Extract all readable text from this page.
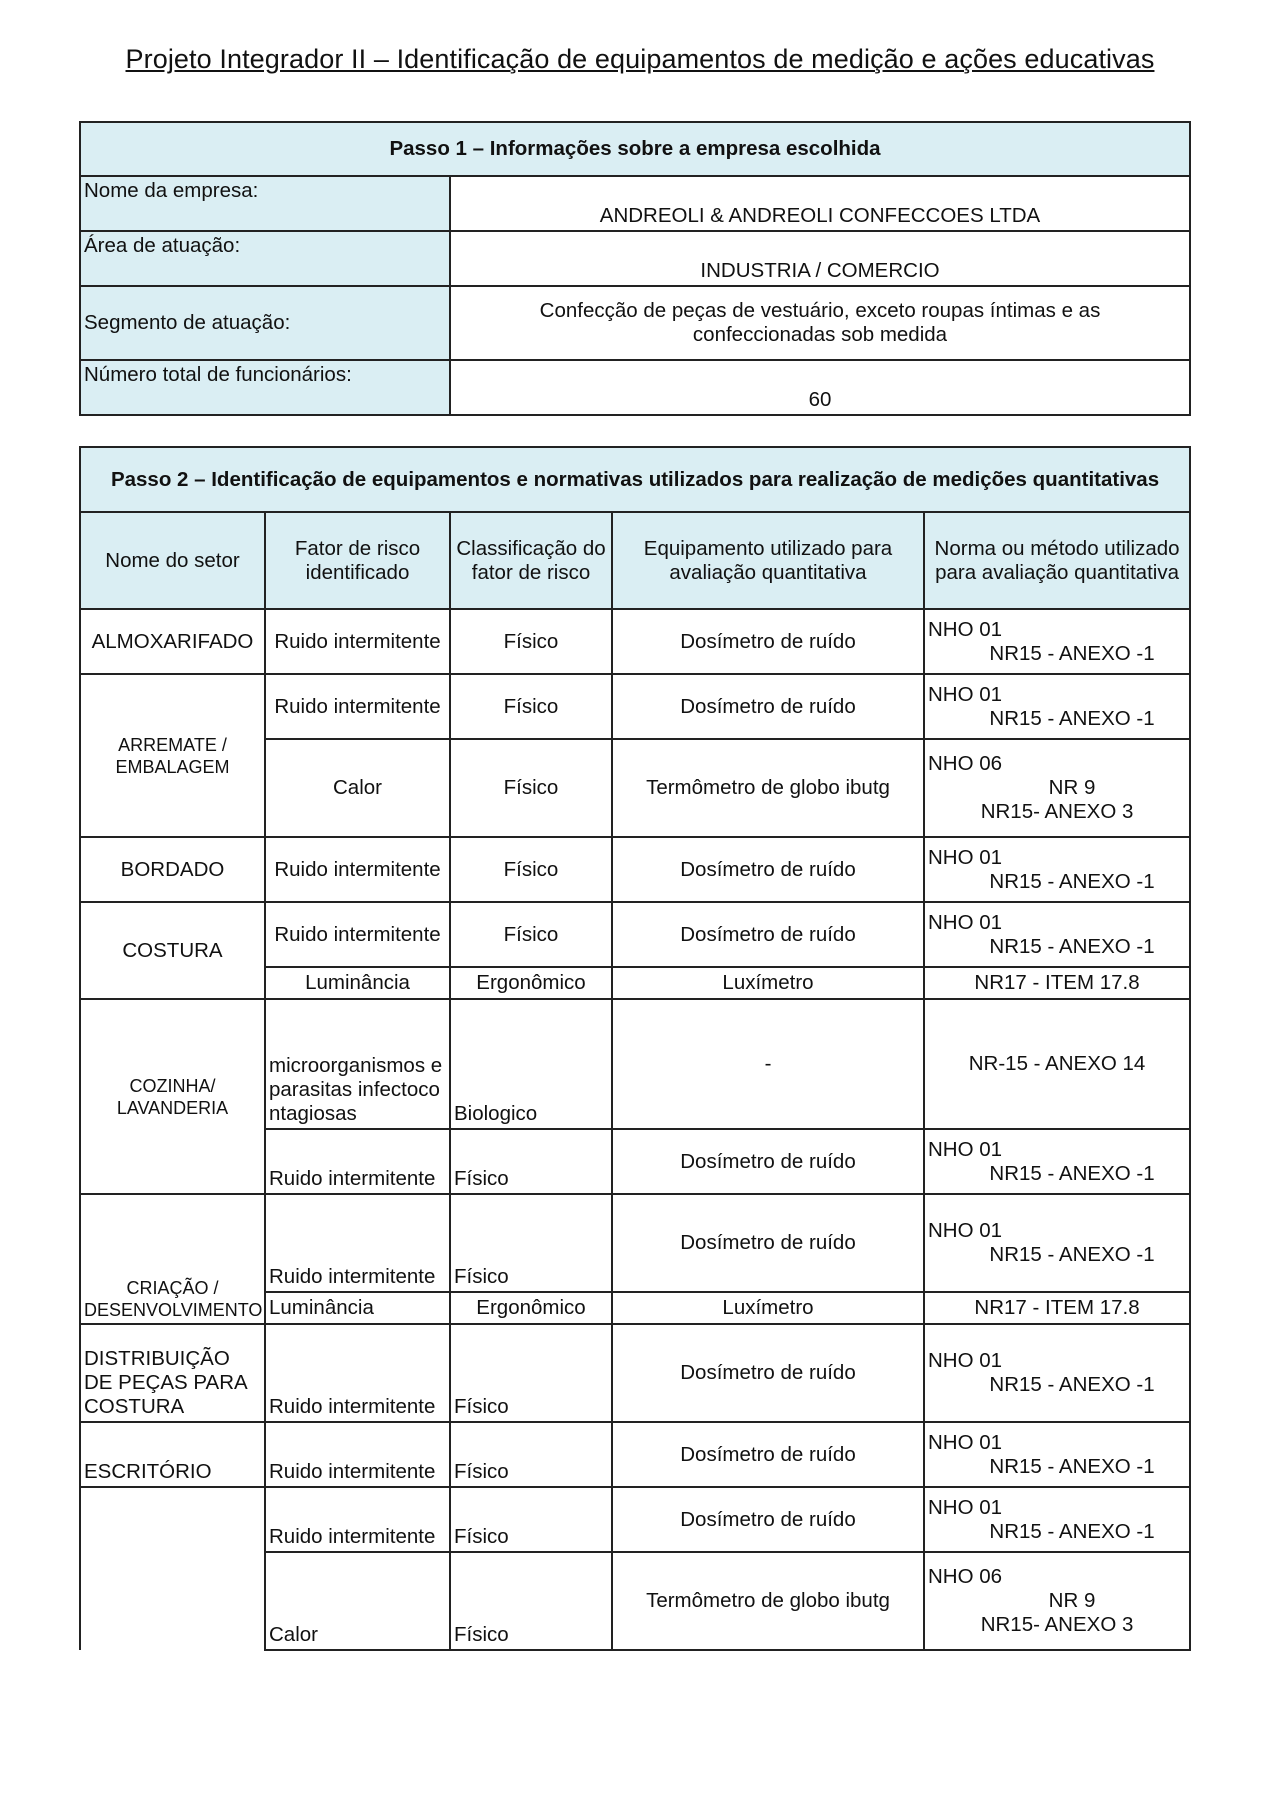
Projeto Integrador II – Identificação de equipamentos de medição e ações educativas
Passo 1 – Informações sobre a empresa escolhida	
Nome da empresa:	ANDREOLI & ANDREOLI CONFECCOES LTDA
Área de atuação:	INDUSTRIA / COMERCIO
Segmento de atuação:	Confecção de peças de vestuário, exceto roupas íntimas e as confeccionadas sob medida
Número total de funcionários:	60
Passo 2 – Identificação de equipamentos e normativas utilizados para realização de medições quantitativas				
Nome do setor	Fator de risco identificado	Classificação do fator de risco	Equipamento utilizado para avaliação quantitativa	Norma ou método utilizado para avaliação quantitativa
ALMOXARIFADO	Ruido intermitente	Físico	Dosímetro de ruído	NHO 01
NR15 - ANEXO -1

ARREMATE / EMBALAGEM	Ruido intermitente	Físico	Dosímetro de ruído	NHO 01
NR15 - ANEXO -1

	Calor	Físico	Termômetro de globo ibutg	NHO 06
NR 9
NR15- ANEXO 3

BORDADO	Ruido intermitente	Físico	Dosímetro de ruído	NHO 01
NR15 - ANEXO -1

COSTURA	Ruido intermitente	Físico	Dosímetro de ruído	NHO 01
NR15 - ANEXO -1

	Luminância	Ergonômico	Luxímetro	NR17 - ITEM 17.8
COZINHA/ LAVANDERIA	microorganismos e parasitas infectocontagiosas	Biologico	-	NR-15 - ANEXO 14
	Ruido intermitente	Físico	Dosímetro de ruído	NHO 01
NR15 - ANEXO -1

CRIAÇÃO / DESENVOLVIMENTO	Ruido intermitente	Físico	Dosímetro de ruído	NHO 01
NR15 - ANEXO -1

	Luminância	Ergonômico	Luxímetro	NR17 - ITEM 17.8
DISTRIBUIÇÃO DE PEÇAS PARA COSTURA	Ruido intermitente	Físico	Dosímetro de ruído	NHO 01
NR15 - ANEXO -1

ESCRITÓRIO	Ruido intermitente	Físico	Dosímetro de ruído	NHO 01
NR15 - ANEXO -1

	Ruido intermitente	Físico	Dosímetro de ruído	NHO 01
NR15 - ANEXO -1

	Calor	Físico	Termômetro de globo ibutg	NHO 06
NR 9
NR15- ANEXO 3
